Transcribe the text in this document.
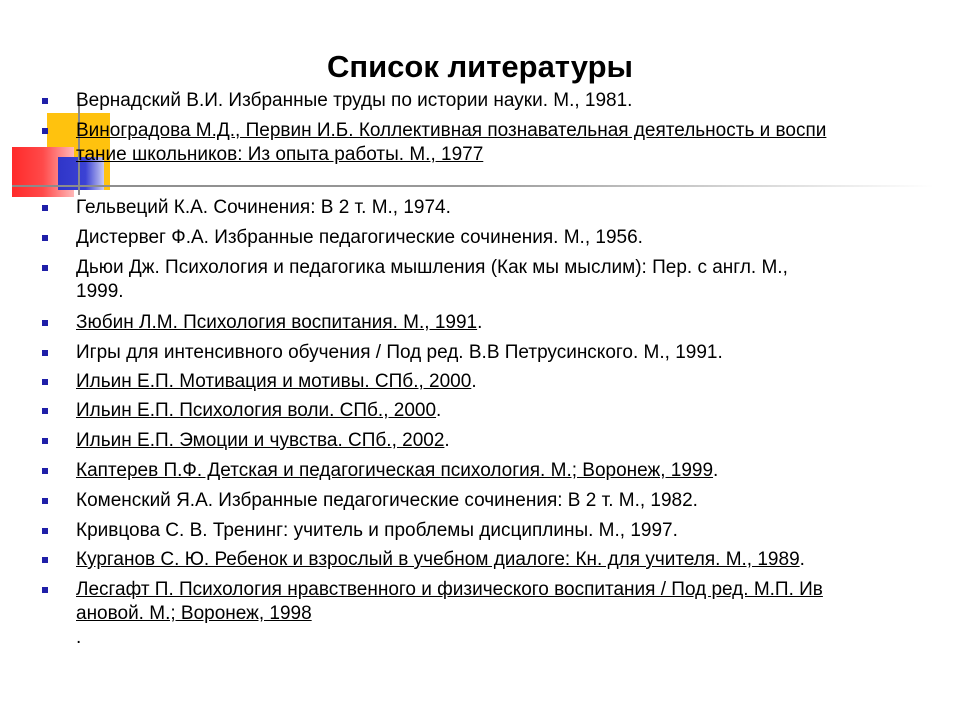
Список литературы
Вернадский В.И. Избранные труды по истории науки. М., 1981.
Виноградова М.Д., Первин И.Б. Коллективная познавательная деятельность и воспи
тание школьников: Из опыта работы. М., 1977
Гельвеций К.А. Сочинения: В 2 т. М., 1974.
Дистервег Ф.А. Избранные педагогические сочинения. М., 1956.
Дьюи Дж. Психология и педагогика мышления (Как мы мыслим): Пер. с англ. М.,
1999.
Зюбин Л.М. Психология воспитания. М., 1991.
Игры для интенсивного обучения / Под ред. В.В Петрусинского. М., 1991.
Ильин Е.П. Мотивация и мотивы. СПб., 2000.
Ильин Е.П. Психология воли. СПб., 2000.
Ильин Е.П. Эмоции и чувства. СПб., 2002.
Каптерев П.Ф. Детская и педагогическая психология. М.; Воронеж, 1999.
Коменский Я.А. Избранные педагогические сочинения: В 2 т. М., 1982.
Кривцова С. В. Тренинг: учитель и проблемы дисциплины. М., 1997.
Курганов С. Ю. Ребенок и взрослый в учебном диалоге: Кн. для учителя. М., 1989.
Лесгафт П. Психология нравственного и физического воспитания / Под ред. М.П. Ив
ановой. М.; Воронеж, 1998
.
